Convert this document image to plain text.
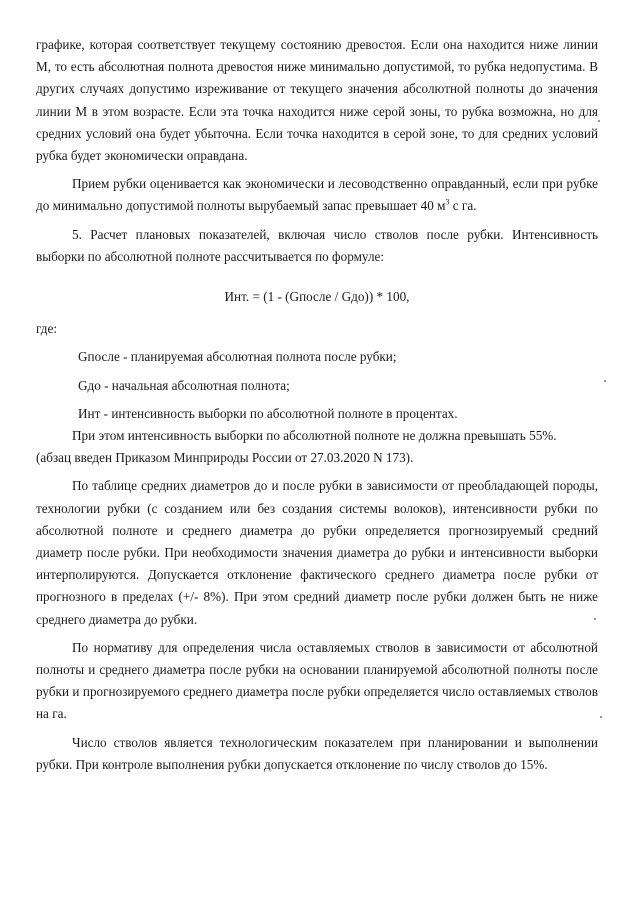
графике, которая соответствует текущему состоянию древостоя. Если она находится ниже линии М, то есть абсолютная полнота древостоя ниже минимально допустимой, то рубка недопустима. В других случаях допустимо изреживание от текущего значения абсолютной полноты до значения линии М в этом возрасте. Если эта точка находится ниже серой зоны, то рубка возможна, но для средних условий она будет убыточна. Если точка находится в серой зоне, то для средних условий рубка будет экономически оправдана.

Прием рубки оценивается как экономически и лесоводственно оправданный, если при рубке до минимально допустимой полноты вырубаемый запас превышает 40 $м^3$ с га.

5. Расчет плановых показателей, включая число стволов после рубки. Интенсивность выборки по абсолютной полноте рассчитывается по формуле:

Инт. = (1 - (Gпосле / Gдо)) * 100,

где:

Gпосле - планируемая абсолютная полнота после рубки;

Gдо - начальная абсолютная полнота;

Инт - интенсивность выборки по абсолютной полноте в процентах.

При этом интенсивность выборки по абсолютной полноте не должна превышать 55%.

(абзац введен Приказом Минприроды России от 27.03.2020 N 173).

По таблице средних диаметров до и после рубки в зависимости от преобладающей породы, технологии рубки (с созданием или без создания системы волоков), интенсивности рубки по абсолютной полноте и среднего диаметра до рубки определяется прогнозируемый средний диаметр после рубки. При необходимости значения диаметра до рубки и интенсивности выборки интерполируются. Допускается отклонение фактического среднего диаметра после рубки от прогнозного в пределах (+/- 8%). При этом средний диаметр после рубки должен быть не ниже среднего диаметра до рубки.

По нормативу для определения числа оставляемых стволов в зависимости от абсолютной полноты и среднего диаметра после рубки на основании планируемой абсолютной полноты после рубки и прогнозируемого среднего диаметра после рубки определяется число оставляемых стволов на га.

Число стволов является технологическим показателем при планировании и выполнении рубки. При контроле выполнения рубки допускается отклонение по числу стволов до 15%.
